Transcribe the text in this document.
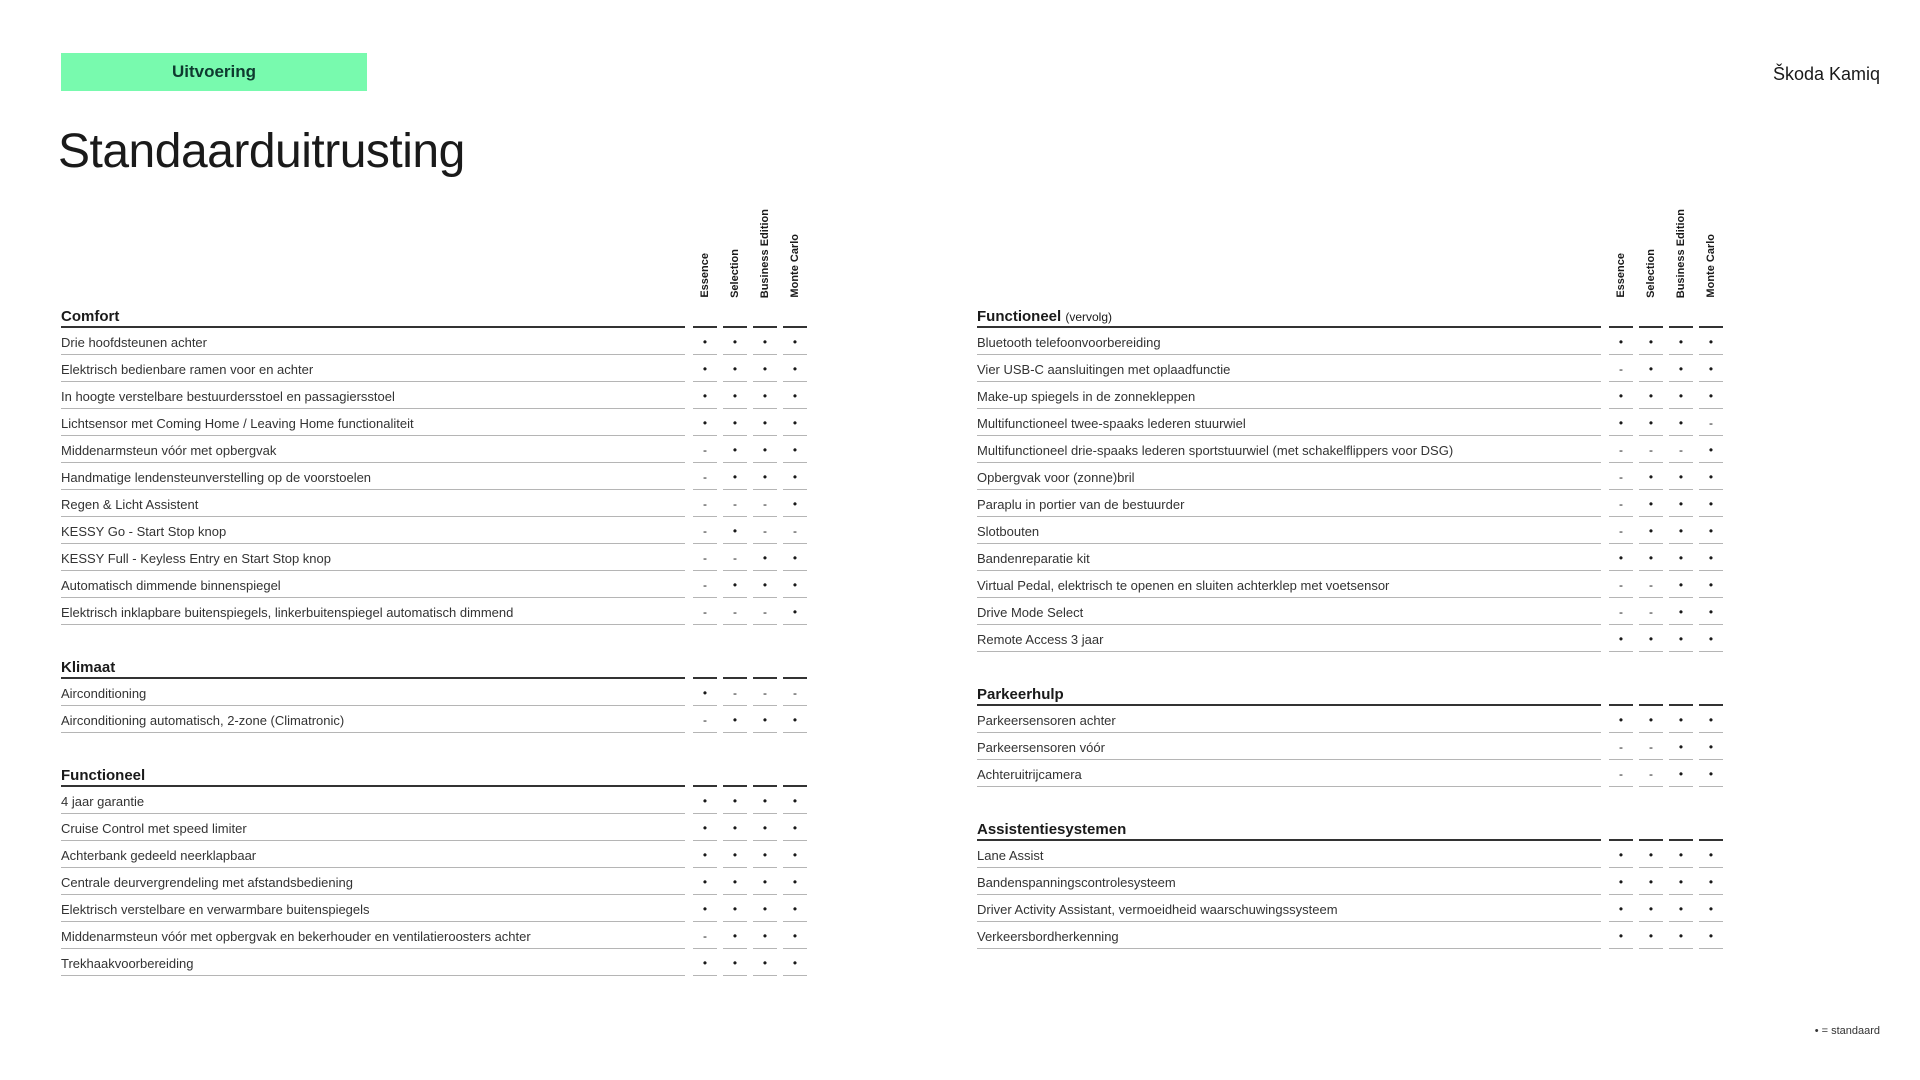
Uitvoering	Škoda Kamiq
Standaarduitrusting
Essence Selection Business Edition Monte Carlo
Comfort
Drie hoofdsteunen achter	• • • •
Elektrisch bedienbare ramen voor en achter	• • • •
In hoogte verstelbare bestuurdersstoel en passagiersstoel	• • • •
Lichtsensor met Coming Home / Leaving Home functionaliteit	• • • •
Middenarmsteun vóór met opbergvak	- • • •
Handmatige lendensteunverstelling op de voorstoelen	- • • •
Regen & Licht Assistent	- - - •
KESSY Go - Start Stop knop	- • - -
KESSY Full - Keyless Entry en Start Stop knop	- - • •
Automatisch dimmende binnenspiegel	- • • •
Elektrisch inklapbare buitenspiegels, linkerbuitenspiegel automatisch dimmend	- - - •
Klimaat
Airconditioning	• - - -
Airconditioning automatisch, 2-zone (Climatronic)	- • • •
Functioneel
4 jaar garantie	• • • •
Cruise Control met speed limiter	• • • •
Achterbank gedeeld neerklapbaar	• • • •
Centrale deurvergrendeling met afstandsbediening	• • • •
Elektrisch verstelbare en verwarmbare buitenspiegels	• • • •
Middenarmsteun vóór met opbergvak en bekerhouder en ventilatieroosters achter	- • • •
Trekhaakvoorbereiding	• • • •
Essence Selection Business Edition Monte Carlo
Functioneel (vervolg)
Bluetooth telefoonvoorbereiding	• • • •
Vier USB-C aansluitingen met oplaadfunctie	- • • •
Make-up spiegels in de zonnekleppen	• • • •
Multifunctioneel twee-spaaks lederen stuurwiel	• • • -
Multifunctioneel drie-spaaks lederen sportstuurwiel (met schakelflippers voor DSG)	- - - •
Opbergvak voor (zonne)bril	- • • •
Paraplu in portier van de bestuurder	- • • •
Slotbouten	- • • •
Bandenreparatie kit	• • • •
Virtual Pedal, elektrisch te openen en sluiten achterklep met voetsensor	- - • •
Drive Mode Select	- - • •
Remote Access 3 jaar	• • • •
Parkeerhulp
Parkeersensoren achter	• • • •
Parkeersensoren vóór	- - • •
Achteruitrijcamera	- - • •
Assistentiesystemen
Lane Assist	• • • •
Bandenspanningscontrolesysteem	• • • •
Driver Activity Assistant, vermoeidheid waarschuwingssysteem	• • • •
Verkeersbordherkenning	• • • •
• = standaard
